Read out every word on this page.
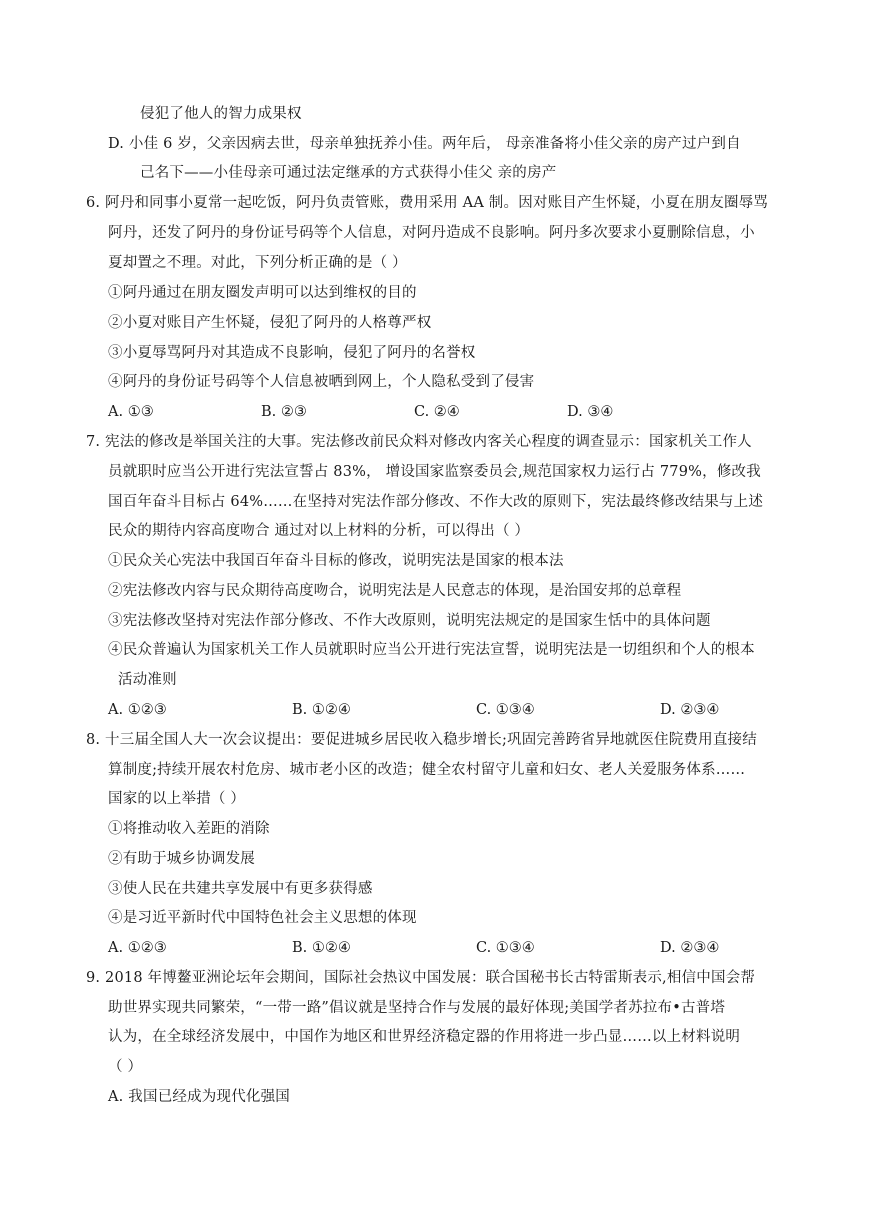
侵犯了他人的智力成果权
D. 小佳 6 岁，父亲因病去世，母亲单独抚养小佳。两年后， 母亲准备将小佳父亲的房产过户到自
己名下——小佳母亲可通过法定继承的方式获得小佳父 亲的房产
6. 阿丹和同事小夏常一起吃饭，阿丹负责管账，费用采用 AA 制。因对账目产生怀疑，小夏在朋友圈辱骂
阿丹，还发了阿丹的身份证号码等个人信息，对阿丹造成不良影响。阿丹多次要求小夏删除信息，小
夏却置之不理。对此，下列分析正确的是（ ）
①阿丹通过在朋友圈发声明可以达到维权的目的
②小夏对账目产生怀疑，侵犯了阿丹的人格尊严权
③小夏辱骂阿丹对其造成不良影响，侵犯了阿丹的名誉权
④阿丹的身份证号码等个人信息被晒到网上，个人隐私受到了侵害
A. ①③	B. ②③	C. ②④	D. ③④
7. 宪法的修改是举国关注的大事。宪法修改前民众料对修改内客关心程度的调查显示：国家机关工作人
员就职时应当公开进行宪法宣誓占 83%， 增设国家监察委员会,规范国家权力运行占 779%，修改我
国百年奋斗目标占 64%……在坚持对宪法作部分修改、不作大改的原则下，宪法最终修改结果与上述
民众的期待内容高度吻合 通过对以上材料的分析，可以得出（ ）
①民众关心宪法中我国百年奋斗目标的修改，说明宪法是国家的根本法
②宪法修改内容与民众期待高度吻合，说明宪法是人民意志的体现，是治国安邦的总章程
③宪法修改坚持对宪法作部分修改、不作大改原则，说明宪法规定的是国家生恬中的具体问题
④民众普遍认为国家机关工作人员就职时应当公开进行宪法宣誓，说明宪法是一切组织和个人的根本
活动准则
A. ①②③	B. ①②④	C. ①③④	D. ②③④
8. 十三届全国人大一次会议提出：要促进城乡居民收入稳步增长;巩固完善跨省异地就医住院费用直接结
算制度;持续开展农村危房、城市老小区的改造；健全农村留守儿童和妇女、老人关爱服务体系……
国家的以上举措（ ）
①将推动收入差距的消除
②有助于城乡协调发展
③使人民在共建共享发展中有更多获得感
④是习近平新时代中国特色社会主义思想的体现
A. ①②③	B. ①②④	C. ①③④	D. ②③④
9. 2018 年博鳌亚洲论坛年会期间，国际社会热议中国发展：联合国秘书长古特雷斯表示,相信中国会帮
助世界实现共同繁荣，“一带一路”倡议就是坚持合作与发展的最好体现;美国学者苏拉布•古普塔
认为，在全球经济发展中，中国作为地区和世界经济稳定器的作用将进一步凸显……以上材料说明
（ ）
A. 我国已经成为现代化强国
